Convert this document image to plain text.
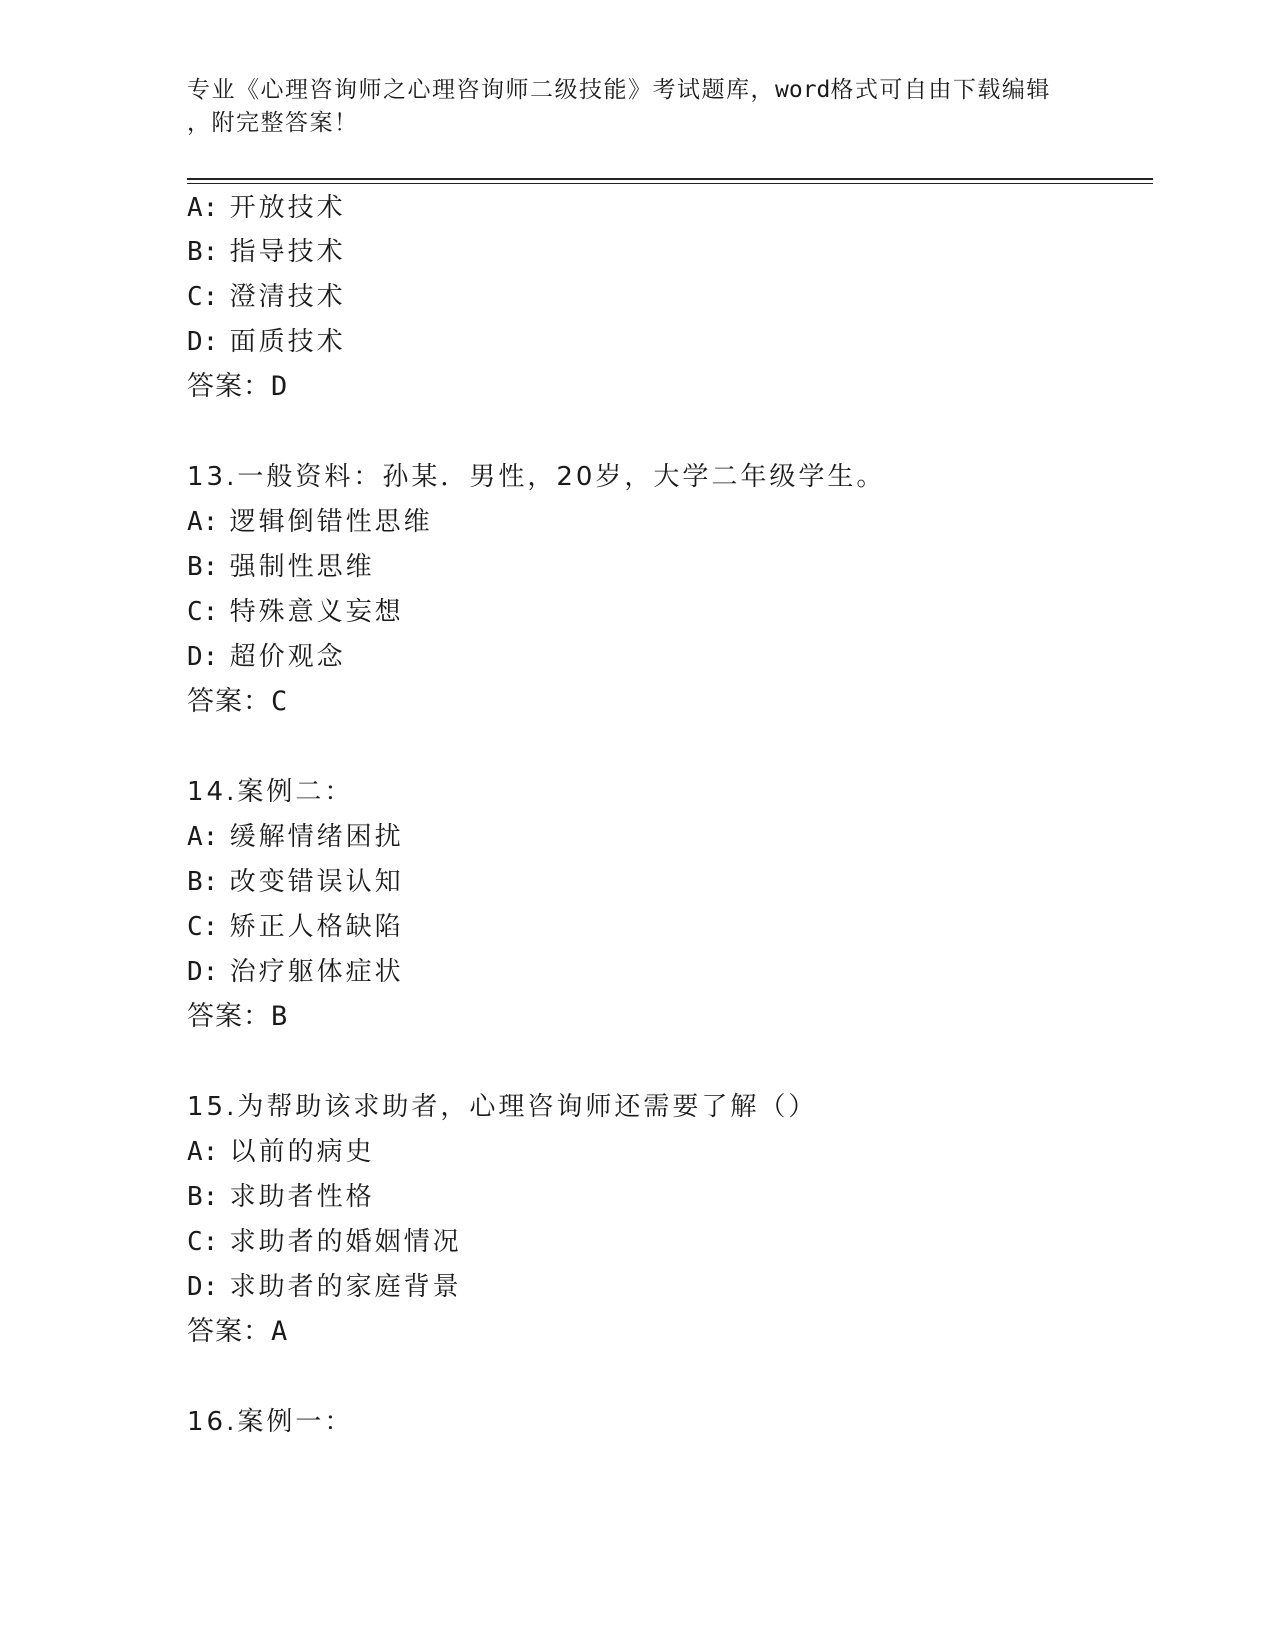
专业《心理咨询师之心理咨询师二级技能》考试题库，word格式可自由下载编辑
，附完整答案！
A: 开放技术
B: 指导技术
C: 澄清技术
D: 面质技术
答案：D
13.一般资料：孙某．男性，20岁，大学二年级学生。
A: 逻辑倒错性思维
B: 强制性思维
C: 特殊意义妄想
D: 超价观念
答案：C
14.案例二：
A: 缓解情绪困扰
B: 改变错误认知
C: 矫正人格缺陷
D: 治疗躯体症状
答案：B
15.为帮助该求助者，心理咨询师还需要了解（）
A: 以前的病史
B: 求助者性格
C: 求助者的婚姻情况
D: 求助者的家庭背景
答案：A
16.案例一：
